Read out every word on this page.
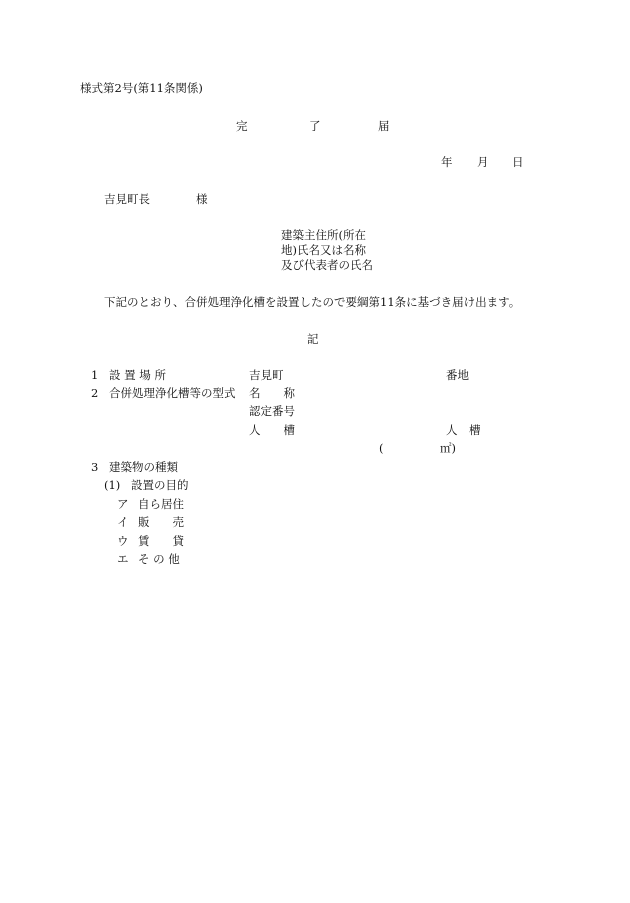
様式第2号(第11条関係)
完	了	届
年 月 日
吉見町長	様
建築主住所(所在
地)氏名又は名称
及び代表者の氏名
下記のとおり、合併処理浄化槽を設置したので要綱第11条に基づき届け出ます。
記
1 設 置 場 所	吉見町	番地
2 合併処理浄化槽等の型式 名　　称
認定番号
人　　槽	人　槽
(	㎡)
3 建築物の種類
(1) 設置の目的
ア 自ら居住
イ 販　　売
ウ 賃　　貸
エ そ の 他
